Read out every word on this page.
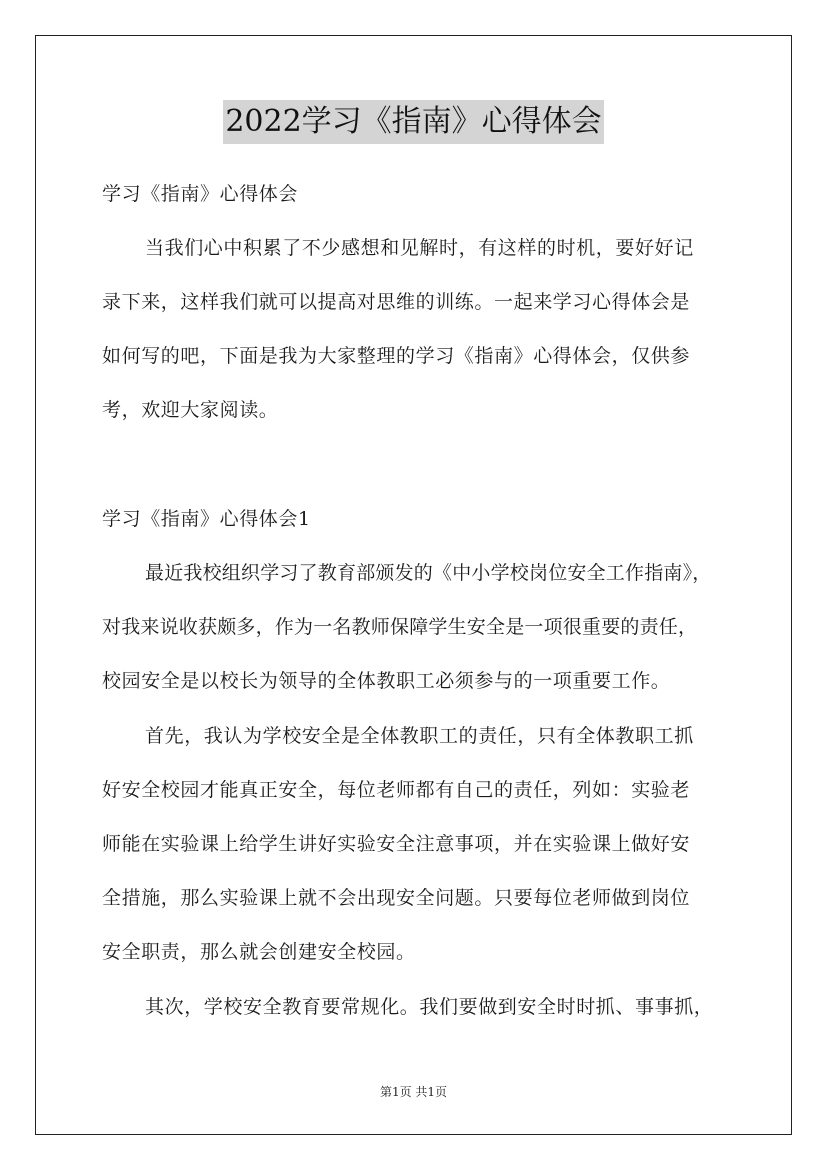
2022学习《指南》心得体会
学习《指南》心得体会
当我们心中积累了不少感想和见解时，有这样的时机，要好好记
录下来，这样我们就可以提高对思维的训练。一起来学习心得体会是
如何写的吧，下面是我为大家整理的学习《指南》心得体会，仅供参
考，欢迎大家阅读。
学习《指南》心得体会1
最近我校组织学习了教育部颁发的《中小学校岗位安全工作指南》，
对我来说收获颇多，作为一名教师保障学生安全是一项很重要的责任，
校园安全是以校长为领导的全体教职工必须参与的一项重要工作。
首先，我认为学校安全是全体教职工的责任，只有全体教职工抓
好安全校园才能真正安全，每位老师都有自己的责任，列如：实验老
师能在实验课上给学生讲好实验安全注意事项，并在实验课上做好安
全措施，那么实验课上就不会出现安全问题。只要每位老师做到岗位
安全职责，那么就会创建安全校园。
其次，学校安全教育要常规化。我们要做到安全时时抓、事事抓，
第1页 共1页
